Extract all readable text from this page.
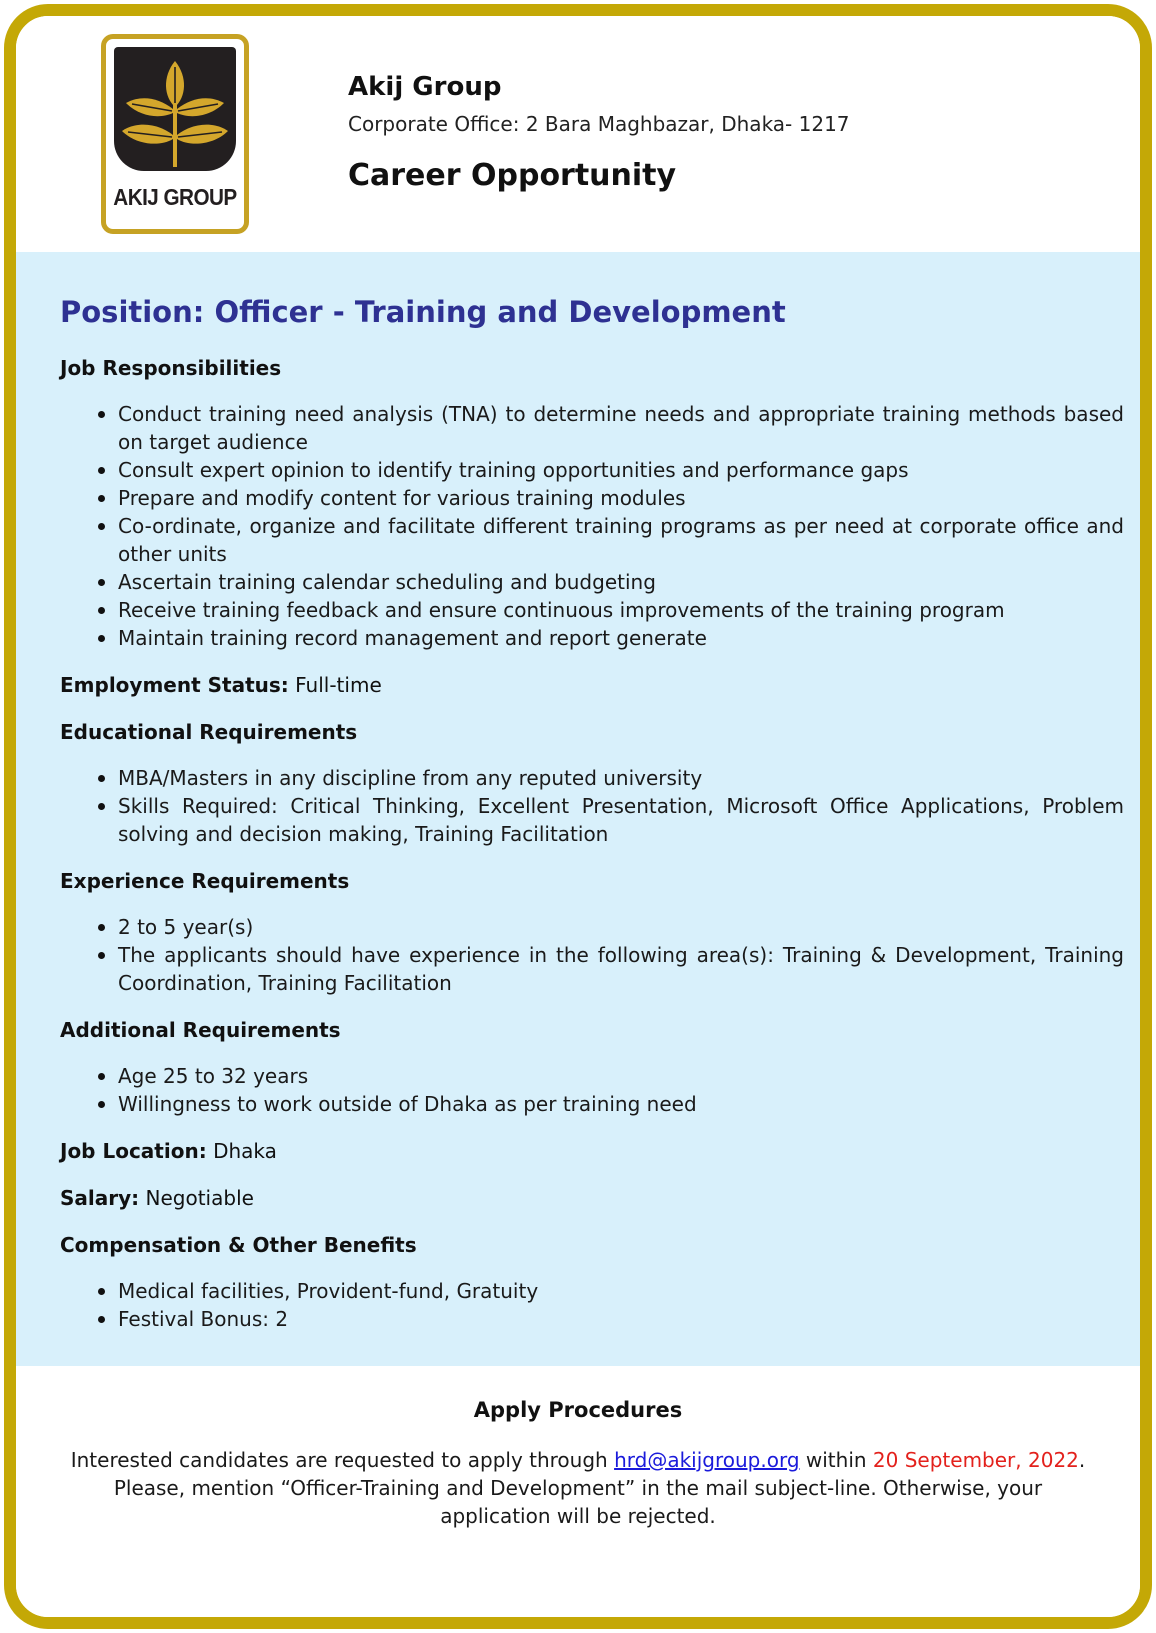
AKIJ GROUP
Akij Group
Corporate Office: 2 Bara Maghbazar, Dhaka- 1217
Career Opportunity
Position: Officer - Training and Development
Job Responsibilities
Conduct training need analysis (TNA) to determine needs and appropriate training methods based on target audience
Consult expert opinion to identify training opportunities and performance gaps
Prepare and modify content for various training modules
Co-ordinate, organize and facilitate different training programs as per need at corporate office and other units
Ascertain training calendar scheduling and budgeting
Receive training feedback and ensure continuous improvements of the training program
Maintain training record management and report generate
Employment Status: Full-time
Educational Requirements
MBA/Masters in any discipline from any reputed university
Skills Required: Critical Thinking, Excellent Presentation, Microsoft Office Applications, Problem solving and decision making, Training Facilitation
Experience Requirements
2 to 5 year(s)
The applicants should have experience in the following area(s): Training & Development, Training Coordination, Training Facilitation
Additional Requirements
Age 25 to 32 years
Willingness to work outside of Dhaka as per training need
Job Location: Dhaka
Salary: Negotiable
Compensation & Other Benefits
Medical facilities, Provident-fund, Gratuity
Festival Bonus: 2
Apply Procedures
Interested candidates are requested to apply through hrd@akijgroup.org within 20 September, 2022. Please, mention “Officer-Training and Development” in the mail subject-line. Otherwise, your application will be rejected.
